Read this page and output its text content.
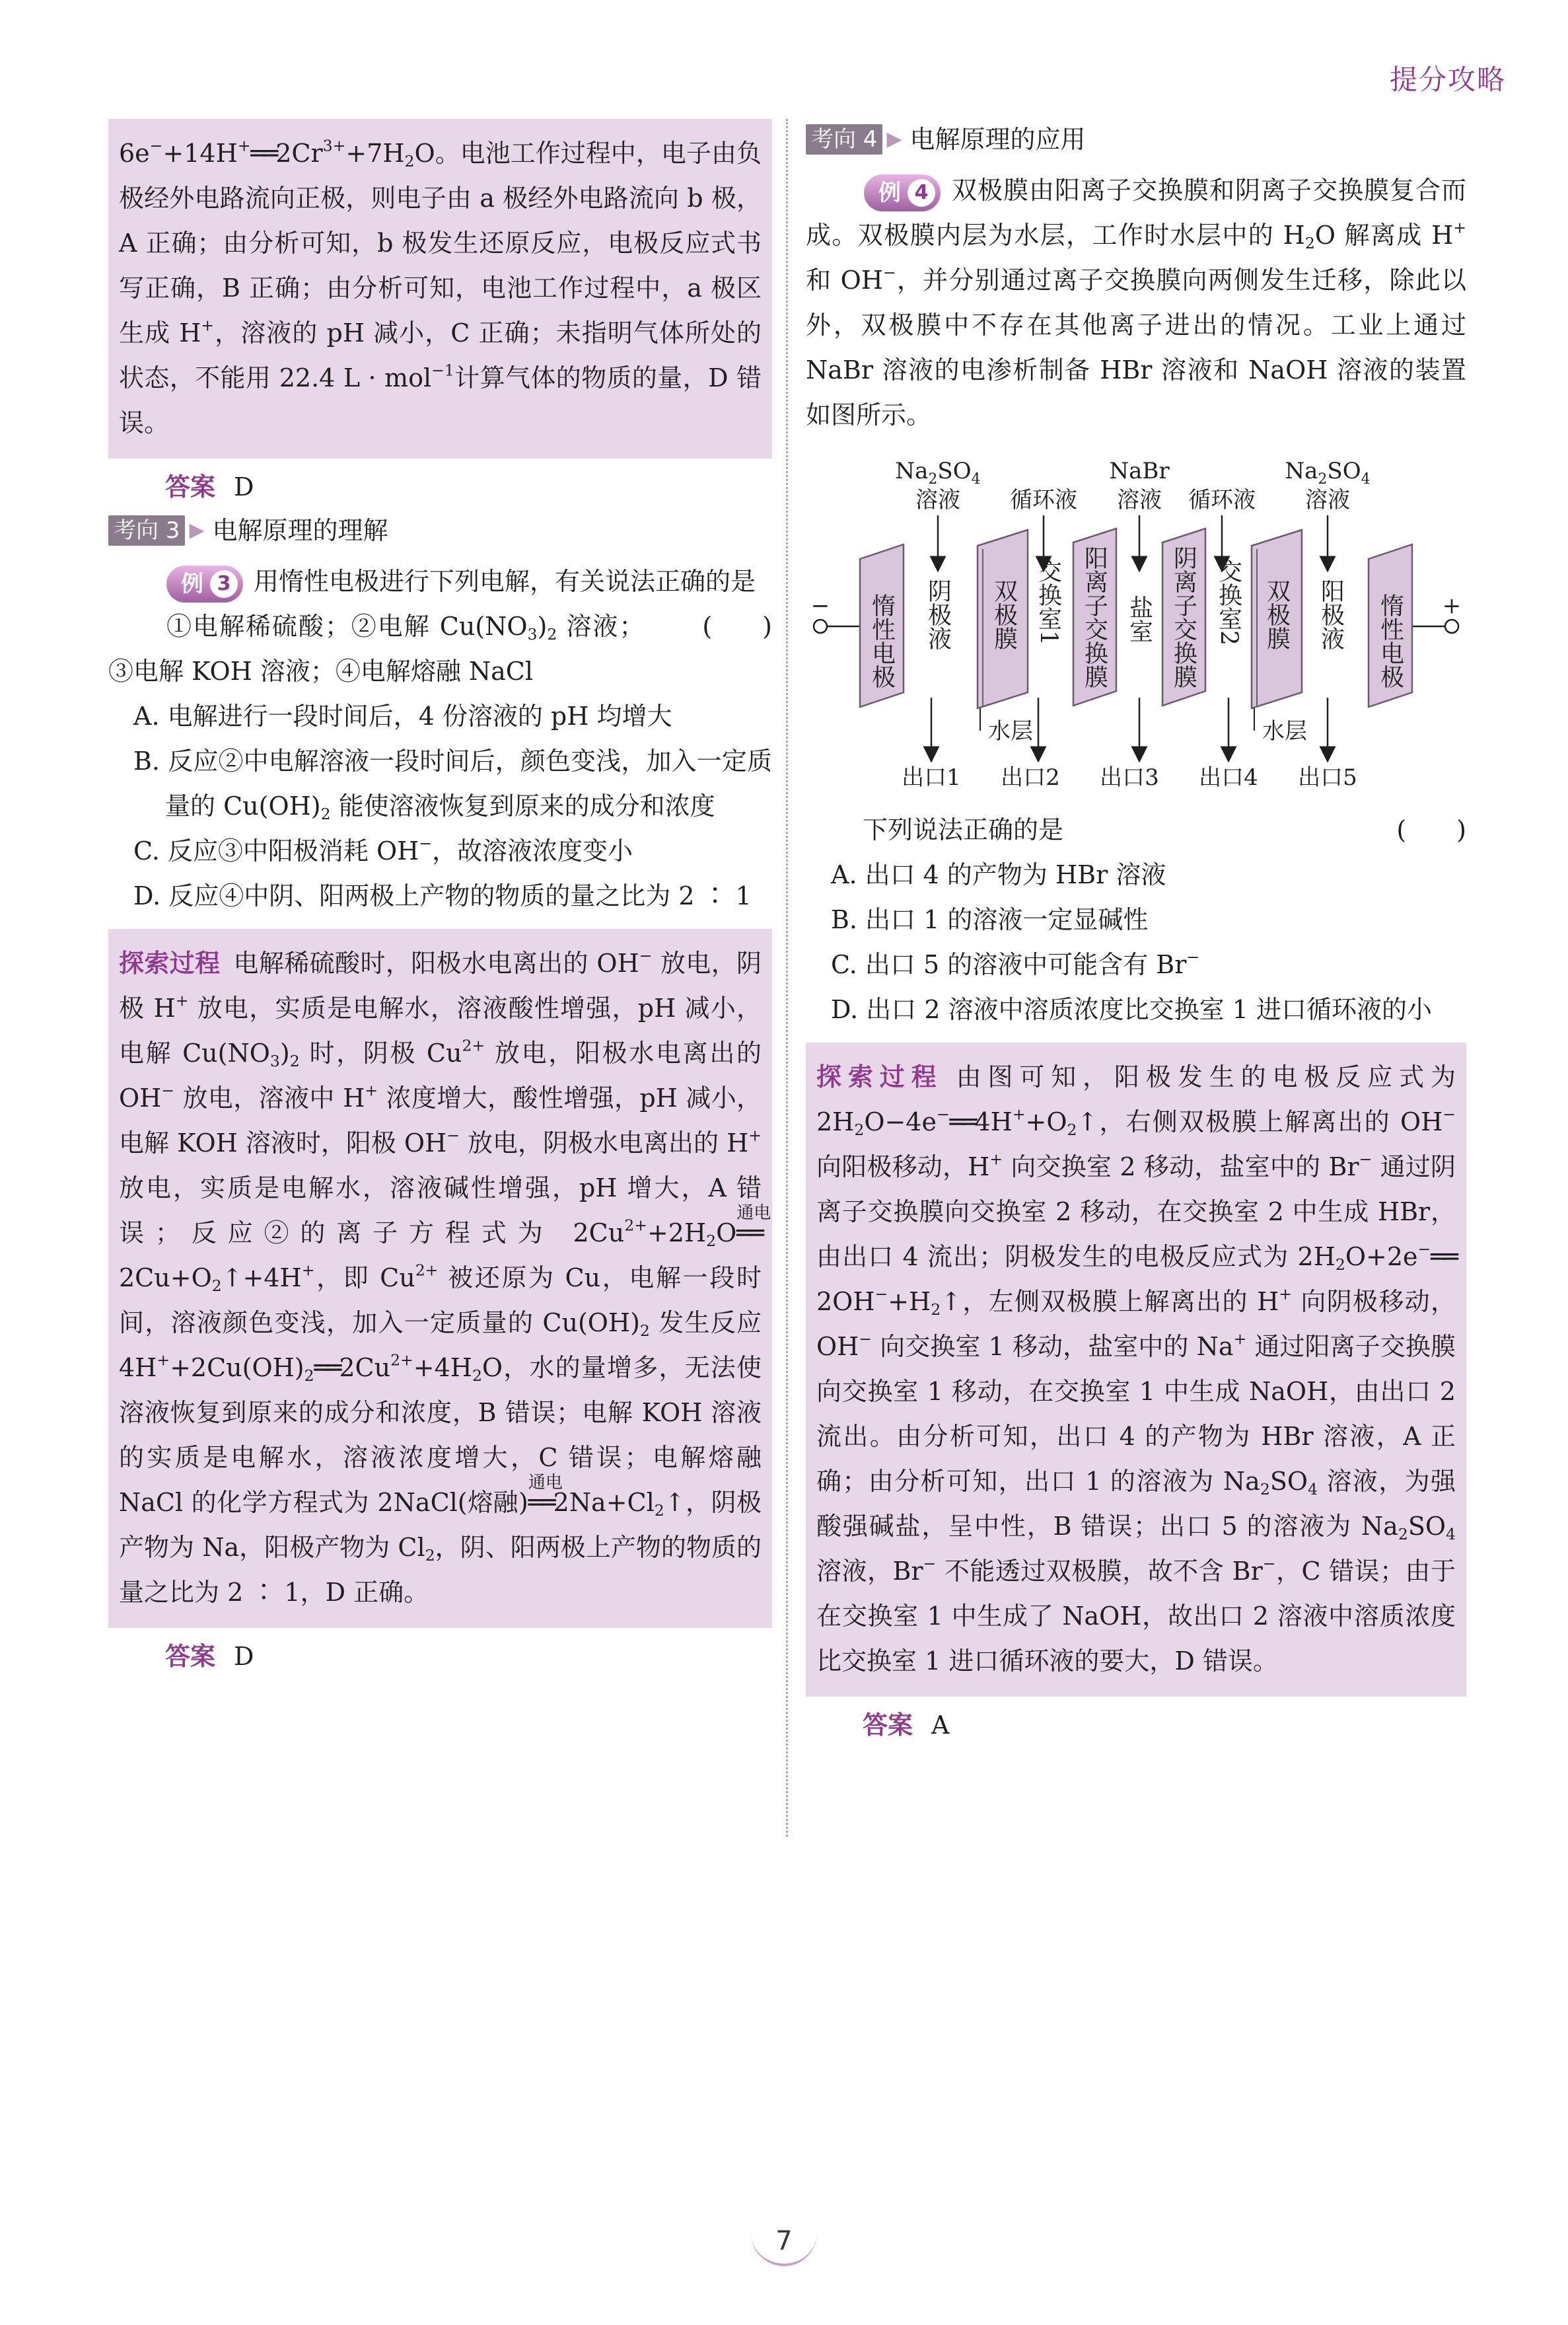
提分攻略

$6e^-+14H^+══2Cr^{3+}+7H_2O$。电池工作过程中，电子由负极经外电路流向正极，则电子由 a 极经外电路流向 b 极，A 正确；由分析可知，b 极发生还原反应，电极反应式书写正确，B 正确；由分析可知，电池工作过程中，a 极区生成 H+，溶液的 pH 减小，C 正确；未指明气体所处的状态，不能用 22.4 L · mol$^{-1}$计算气体的物质的量，D 错误。

答案 D
考向 3 ▶ 电解原理的理解

例 3 用惰性电极进行下列电解，有关说法正确的是
(　　)

①电解稀硫酸；②电解 $Cu(NO_3)_2$ 溶液；③电解 KOH 溶液；④电解熔融 NaCl

A. 电解进行一段时间后，4 份溶液的 pH 均增大

B. 反应②中电解溶液一段时间后，颜色变浅，加入一定质量的 $Cu(OH)_2$ 能使溶液恢复到原来的成分和浓度

C. 反应③中阳极消耗 OH−，故溶液浓度变小

D. 反应④中阴、阳两极上产物的物质的量之比为 2 ∶ 1

探索过程 电解稀硫酸时，阳极水电离出的 OH− 放电，阴极 H+ 放电，实质是电解水，溶液酸性增强，pH 减小，电解 $Cu(NO_3)_2$ 时，阴极 $Cu^{2+}$ 放电，阳极水电离出的 OH− 放电，溶液中 H+ 浓度增大，酸性增强，pH 减小，电解 KOH 溶液时，阳极 OH− 放电，阴极水电离出的 H+ 放电，实质是电解水，溶液碱性增强，pH 增大，A 错误；反应②的离子方程式为 $2Cu^{2+}+2H_2O$
通电
$══2Cu+O_2↑+4H^+$，即 $Cu^{2+}$ 被还原为 Cu，电解一段时间，溶液颜色变浅，加入一定质量的 $Cu(OH)_2$ 发生反应 $4H^++2Cu(OH)_2══2Cu^{2+}+4H_2O$，水的量增多，无法使溶液恢复到原来的成分和浓度，B 错误；电解 KOH 溶液的实质是电解水，溶液浓度增大，C 错误；电解熔融 NaCl 的化学方程式为 2NaCl(熔融)
通电
$══2Na+Cl_2↑$，阴极产物为 Na，阳极产物为 $Cl_2$，阴、阳两极上产物的物质的量之比为 2 ∶ 1，D 正确。

答案 D
考向 4 ▶ 电解原理的应用

例 4 双极膜由阳离子交换膜和阴离子交换膜复合而成。双极膜内层为水层，工作时水层中的 $H_2O$ 解离成 H+ 和 OH−，并分别通过离子交换膜向两侧发生迁移，除此以外，双极膜中不存在其他离子进出的情况。工业上通过 NaBr 溶液的电渗析制备 HBr 溶液和 NaOH 溶液的装置如图所示。

$Na_2SO_4$
溶液 循环液
NaBr
溶液 循环液
$Na_2SO_4$
溶液
−	+
惰性电极 阴极液 双极膜 交换室1 阳离子交换膜 盐室 阴离子交换膜 交换室2 双极膜 阳极液 惰性电极
水层	水层
出口1 出口2 出口3 出口4 出口5

下列说法正确的是	(　　)

A. 出口 4 的产物为 HBr 溶液

B. 出口 1 的溶液一定显碱性

C. 出口 5 的溶液中可能含有 Br−

D. 出口 2 溶液中溶质浓度比交换室 1 进口循环液的小

探索过程 由图可知，阳极发生的电极反应式为 $2H_2O-4e^-══4H^++O_2↑$，右侧双极膜上解离出的 OH− 向阳极移动，H+ 向交换室 2 移动，盐室中的 Br− 通过阴离子交换膜向交换室 2 移动，在交换室 2 中生成 HBr，由出口 4 流出；阴极发生的电极反应式为 $2H_2O+2e^-══2OH^-+H_2↑$，左侧双极膜上解离出的 H+ 向阴极移动，OH− 向交换室 1 移动，盐室中的 Na+ 通过阳离子交换膜向交换室 1 移动，在交换室 1 中生成 NaOH，由出口 2 流出。由分析可知，出口 4 的产物为 HBr 溶液，A 正确；由分析可知，出口 1 的溶液为 $Na_2SO_4$ 溶液，为强酸强碱盐，呈中性，B 错误；出口 5 的溶液为 $Na_2SO_4$ 溶液，Br− 不能透过双极膜，故不含 Br−，C 错误；由于在交换室 1 中生成了 NaOH，故出口 2 溶液中溶质浓度比交换室 1 进口循环液的要大，D 错误。

答案 A
7
